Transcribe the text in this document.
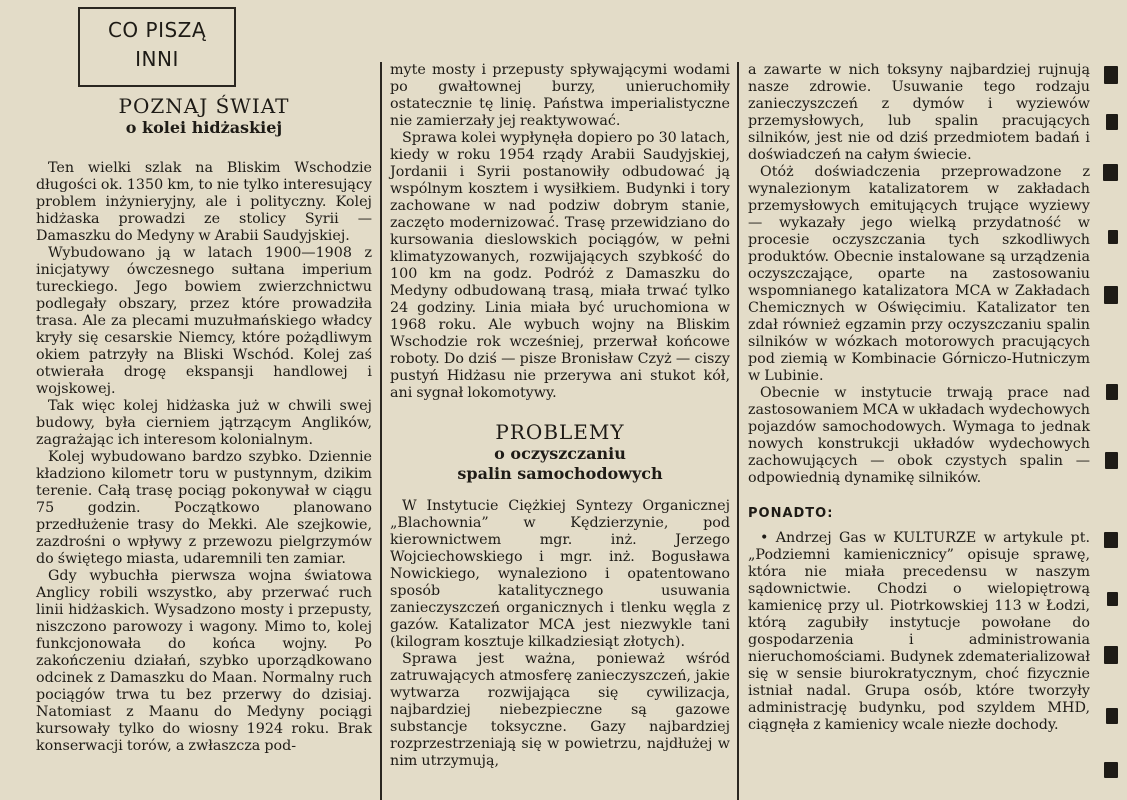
CO PISZĄ

INNI

POZNAJ ŚWIAT

o kolei hidżaskiej

Ten wielki szlak na Bliskim Wschodzie długości ok. 1350 km, to nie tylko interesujący problem inżynieryjny, ale i polityczny. Kolej hidżaska prowadzi ze stolicy Syrii — Damaszku do Medyny w Arabii Saudyjskiej.

Wybudowano ją w latach 1900—1908 z inicjatywy ówczesnego sułtana imperium tureckiego. Jego bowiem zwierzchnictwu podlegały obszary, przez które prowadziła trasa. Ale za plecami muzułmańskiego władcy kryły się cesarskie Niemcy, które pożądliwym okiem patrzyły na Bliski Wschód. Kolej zaś otwierała drogę ekspansji handlowej i wojskowej.

Tak więc kolej hidżaska już w chwili swej budowy, była cierniem jątrzącym Anglików, zagrażając ich interesom kolonialnym.

Kolej wybudowano bardzo szybko. Dziennie kładziono kilometr toru w pustynnym, dzikim terenie. Całą trasę pociąg pokonywał w ciągu 75 godzin. Początkowo planowano przedłużenie trasy do Mekki. Ale szejkowie, zazdrośni o wpływy z przewozu pielgrzymów do świętego miasta, udaremnili ten zamiar.

Gdy wybuchła pierwsza wojna światowa Anglicy robili wszystko, aby przerwać ruch linii hidżaskich. Wysadzono mosty i przepusty, niszczono parowozy i wagony. Mimo to, kolej funkcjonowała do końca wojny. Po zakończeniu działań, szybko uporządkowano odcinek z Damaszku do Maan. Normalny ruch pociągów trwa tu bez przerwy do dzisiaj. Natomiast z Maanu do Medyny pociągi kursowały tylko do wiosny 1924 roku. Brak konserwacji torów, a zwłaszcza pod-

myte mosty i przepusty spływającymi wodami po gwałtownej burzy, unieruchomiły ostatecznie tę linię. Państwa imperialistyczne nie zamierzały jej reaktywować.

Sprawa kolei wypłynęła dopiero po 30 latach, kiedy w roku 1954 rządy Arabii Saudyjskiej, Jordanii i Syrii postanowiły odbudować ją wspólnym kosztem i wysiłkiem. Budynki i tory zachowane w nad podziw dobrym stanie, zaczęto modernizować. Trasę przewidziano do kursowania dieslowskich pociągów, w pełni klimatyzowanych, rozwijających szybkość do 100 km na godz. Podróż z Damaszku do Medyny odbudowaną trasą, miała trwać tylko 24 godziny. Linia miała być uruchomiona w 1968 roku. Ale wybuch wojny na Bliskim Wschodzie rok wcześniej, przerwał końcowe roboty. Do dziś — pisze Bronisław Czyż — ciszy pustyń Hidżasu nie przerywa ani stukot kół, ani sygnał lokomotywy.

PROBLEMY

o oczyszczaniu

spalin samochodowych

W Instytucie Ciężkiej Syntezy Organicznej „Blachownia” w Kędzierzynie, pod kierownictwem mgr. inż. Jerzego Wojciechowskiego i mgr. inż. Bogusława Nowickiego, wynaleziono i opatentowano sposób katalitycznego usuwania zanieczyszczeń organicznych i tlenku węgla z gazów. Katalizator MCA jest niezwykle tani (kilogram kosztuje kilkadziesiąt złotych).

Sprawa jest ważna, ponieważ wśród zatruwających atmosferę zanieczyszczeń, jakie wytwarza rozwijająca się cywilizacja, najbardziej niebezpieczne są gazowe substancje toksyczne. Gazy najbardziej rozprzestrzeniają się w powietrzu, najdłużej w nim utrzymują,

a zawarte w nich toksyny najbardziej rujnują nasze zdrowie. Usuwanie tego rodzaju zanieczyszczeń z dymów i wyziewów przemysłowych, lub spalin pracujących silników, jest nie od dziś przedmiotem badań i doświadczeń na całym świecie.

Otóż doświadczenia przeprowadzone z wynalezionym katalizatorem w zakładach przemysłowych emitujących trujące wyziewy — wykazały jego wielką przydatność w procesie oczyszczania tych szkodliwych produktów. Obecnie instalowane są urządzenia oczyszczające, oparte na zastosowaniu wspomnianego katalizatora MCA w Zakładach Chemicznych w Oświęcimiu. Katalizator ten zdał również egzamin przy oczyszczaniu spalin silników w wózkach motorowych pracujących pod ziemią w Kombinacie Górniczo-Hutniczym w Lubinie.

Obecnie w instytucie trwają prace nad zastosowaniem MCA w układach wydechowych pojazdów samochodowych. Wymaga to jednak nowych konstrukcji układów wydechowych zachowujących — obok czystych spalin — odpowiednią dynamikę silników.

PONADTO:

• Andrzej Gas w KULTURZE w artykule pt. „Podziemni kamienicznicy” opisuje sprawę, która nie miała precedensu w naszym sądownictwie. Chodzi o wielopiętrową kamienicę przy ul. Piotrkowskiej 113 w Łodzi, którą zagubiły instytucje powołane do gospodarzenia i administrowania nieruchomościami. Budynek zdematerializował się w sensie biurokratycznym, choć fizycznie istniał nadal. Grupa osób, które tworzyły administrację budynku, pod szyldem MHD, ciągnęła z kamienicy wcale niezłe dochody.
